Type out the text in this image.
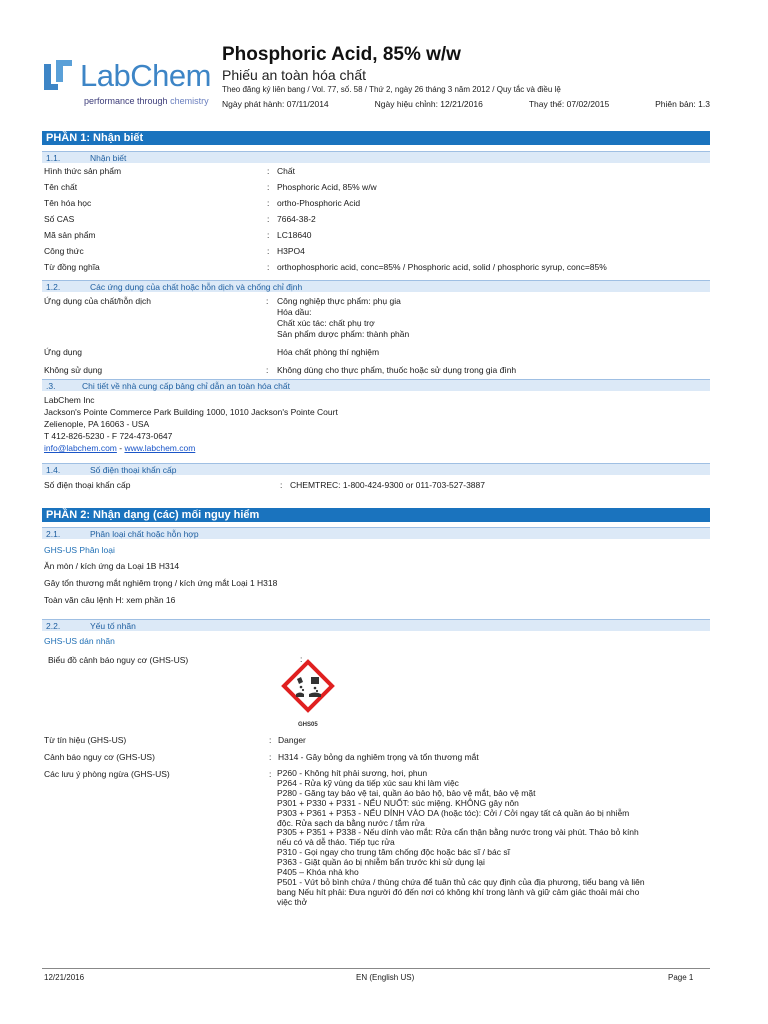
LabChem
performance through chemistry
Phosphoric Acid, 85% w/w
Phiếu an toàn hóa chất
Theo đăng ký liên bang / Vol. 77, số. 58 / Thứ 2, ngày 26 tháng 3 năm 2012 / Quy tắc và điều lệ
Ngày phát hành: 07/11/2014	Ngày hiệu chỉnh: 12/21/2016	Thay thế: 07/02/2015	Phiên bản: 1.3
PHẦN 1: Nhận biết
1.1.	Nhận biết
Hình thức sản phẩm	: Chất
Tên chất	: Phosphoric Acid, 85% w/w
Tên hóa học	: ortho-Phosphoric Acid
Số CAS	: 7664-38-2
Mã sản phẩm	: LC18640
Công thức	: H3PO4
Từ đồng nghĩa	: orthophosphoric acid, conc=85% / Phosphoric acid, solid / phosphoric syrup, conc=85%
1.2.	Các ứng dụng của chất hoặc hỗn dịch và chống chỉ định
Ứng dụng của chất/hỗn dịch	: Công nghiệp thực phẩm: phụ gia
Hóa dầu:
Chất xúc tác: chất phụ trợ
Sản phẩm dược phẩm: thành phần
Ứng dụng	Hóa chất phòng thí nghiệm
Không sử dụng	: Không dùng cho thực phẩm, thuốc hoặc sử dụng trong gia đình
.3.	Chi tiết về nhà cung cấp bảng chỉ dẫn an toàn hóa chất
LabChem Inc
Jackson's Pointe Commerce Park Building 1000, 1010 Jackson's Pointe Court
Zelienople, PA 16063 - USA
T 412-826-5230 - F 724-473-0647
info@labchem.com - www.labchem.com
1.4.	Số điện thoại khẩn cấp
Số điện thoại khẩn cấp	: CHEMTREC: 1-800-424-9300 or 011-703-527-3887
PHẦN 2: Nhận dạng (các) mối nguy hiểm
2.1.	Phân loại chất hoặc hỗn hợp
GHS-US Phân loại
Ăn mòn / kích ứng da Loại 1B H314
Gây tổn thương mắt nghiêm trọng / kích ứng mắt Loại 1 H318
Toàn văn câu lệnh H: xem phần 16
2.2.	Yếu tố nhãn
GHS-US dán nhãn
Biểu đồ cảnh báo nguy cơ (GHS-US)	:
GHS05
Từ tín hiệu (GHS-US)	: Danger
Cảnh báo nguy cơ (GHS-US)	: H314 - Gây bỏng da nghiêm trọng và tổn thương mắt
Các lưu ý phòng ngừa (GHS-US)	: P260 - Không hít phải sương, hơi, phun
P264 - Rửa kỹ vùng da tiếp xúc sau khi làm việc
P280 - Găng tay bảo vệ tai, quần áo bảo hộ, bảo vệ mắt, bảo vệ mặt
P301 + P330 + P331 - NẾU NUỐT: súc miệng. KHÔNG gây nôn
P303 + P361 + P353 - NẾU DÍNH VÀO DA (hoặc tóc): Cởi / Cởi ngay tất cả quần áo bị nhiễm
độc. Rửa sạch da bằng nước / tắm rửa
P305 + P351 + P338 - Nếu dính vào mắt: Rửa cẩn thận bằng nước trong vài phút. Tháo bỏ kính
nếu có và dễ tháo. Tiếp tục rửa
P310 - Gọi ngay cho trung tâm chống độc hoặc bác sĩ / bác sĩ
P363 - Giặt quần áo bị nhiễm bẩn trước khi sử dụng lại
P405 – Khóa nhà kho
P501 - Vứt bỏ bình chứa / thùng chứa để tuân thủ các quy định của địa phương, tiểu bang và liên
bang Nếu hít phải: Đưa người đó đến nơi có không khí trong lành và giữ cảm giác thoải mái cho
việc thở
12/21/2016	EN (English US)	Page 1
